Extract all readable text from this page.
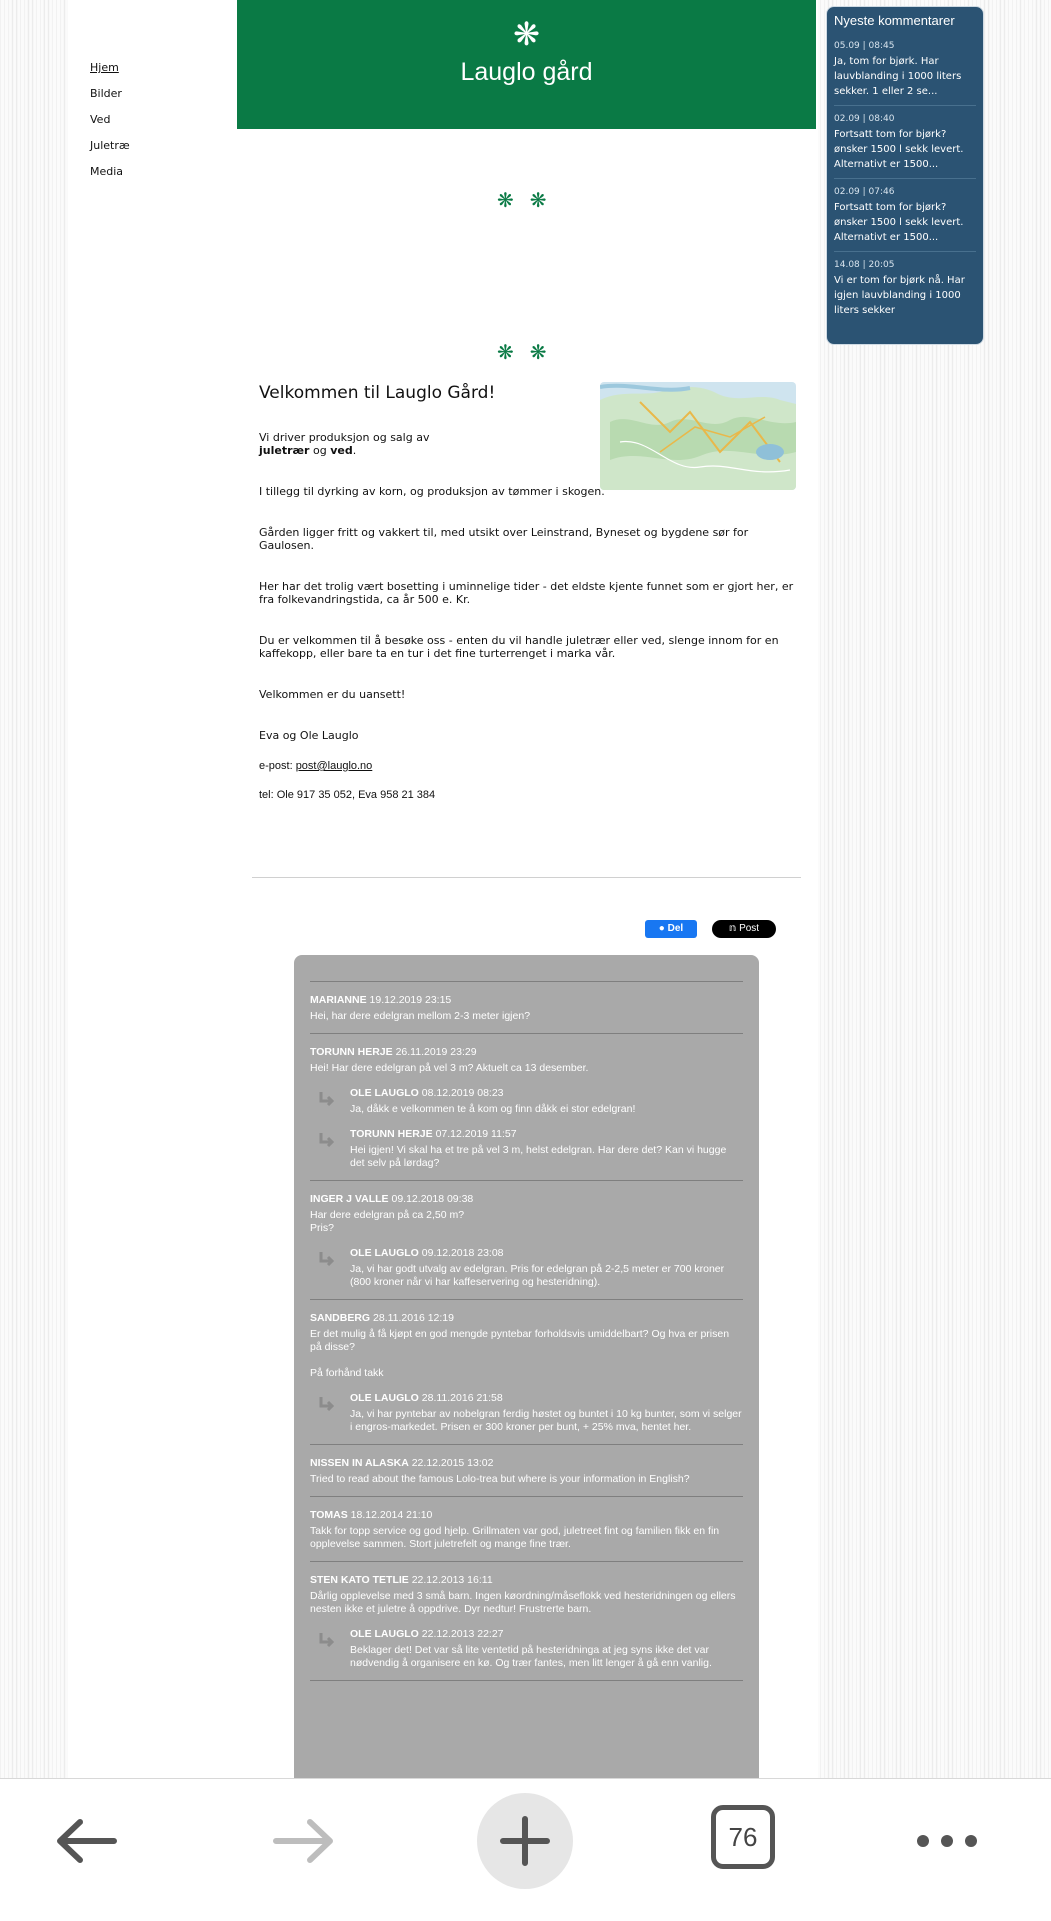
Hjem
Bilder
Ved
Juletræ
Media
❋
Lauglo gård
❋❋
❋❋
Velkommen til Lauglo Gård!

Vi driver produksjon og salg av
juletrær og ved.

I tillegg til dyrking av korn, og produksjon av tømmer i skogen.

Gården ligger fritt og vakkert til, med utsikt over Leinstrand, Byneset og bygdene sør for Gaulosen.

Her har det trolig vært bosetting i uminnelige tider - det eldste kjente funnet som er gjort her, er fra folkevandringstida, ca år 500 e. Kr.

Du er velkommen til å besøke oss - enten du vil handle juletrær eller ved, slenge innom for en kaffekopp, eller bare ta en tur i det fine turterrenget i marka vår.

Velkommen er du uansett!

Eva og Ole Lauglo

e-post: post@lauglo.no
tel: Ole 917 35 052, Eva 958 21 384
● Del	𝕟 Post
MARIANNE 19.12.2019 23:15
Hei, har dere edelgran mellom 2-3 meter igjen?
TORUNN HERJE 26.11.2019 23:29
Hei! Har dere edelgran på vel 3 m? Aktuelt ca 13 desember.
OLE LAUGLO 08.12.2019 08:23
Ja, dåkk e velkommen te å kom og finn dåkk ei stor edelgran!
TORUNN HERJE 07.12.2019 11:57
Hei igjen! Vi skal ha et tre på vel 3 m, helst edelgran. Har dere det? Kan vi hugge det selv på lørdag?
INGER J VALLE 09.12.2018 09:38
Har dere edelgran på ca 2,50 m?
Pris?
OLE LAUGLO 09.12.2018 23:08
Ja, vi har godt utvalg av edelgran. Pris for edelgran på 2-2,5 meter er 700 kroner (800 kroner når vi har kaffeservering og hesteridning).
SANDBERG 28.11.2016 12:19
Er det mulig å få kjøpt en god mengde pyntebar forholdsvis umiddelbart? Og hva er prisen på disse?

På forhånd takk
OLE LAUGLO 28.11.2016 21:58
Ja, vi har pyntebar av nobelgran ferdig høstet og buntet i 10 kg bunter, som vi selger i engros-markedet. Prisen er 300 kroner per bunt, + 25% mva, hentet her.
NISSEN IN ALASKA 22.12.2015 13:02
Tried to read about the famous Lolo-trea but where is your information in English?
TOMAS 18.12.2014 21:10
Takk for topp service og god hjelp. Grillmaten var god, juletreet fint og familien fikk en fin opplevelse sammen. Stort juletrefelt og mange fine trær.
STEN KATO TETLIE 22.12.2013 16:11
Dårlig opplevelse med 3 små barn. Ingen køordning/måseflokk ved hesteridningen og ellers nesten ikke et juletre å oppdrive. Dyr nedtur! Frustrerte barn.
OLE LAUGLO 22.12.2013 22:27
Beklager det! Det var så lite ventetid på hesteridninga at jeg syns ikke det var nødvendig å organisere en kø. Og trær fantes, men litt lenger å gå enn vanlig.
Nyeste kommentarer
05.09 | 08:45
Ja, tom for bjørk. Har lauvblanding i 1000 liters sekker. 1 eller 2 se...
02.09 | 08:40
Fortsatt tom for bjørk? ønsker 1500 l sekk levert. Alternativt er 1500...
02.09 | 07:46
Fortsatt tom for bjørk? ønsker 1500 l sekk levert. Alternativt er 1500...
14.08 | 20:05
Vi er tom for bjørk nå. Har igjen lauvblanding i 1000 liters sekker
76
